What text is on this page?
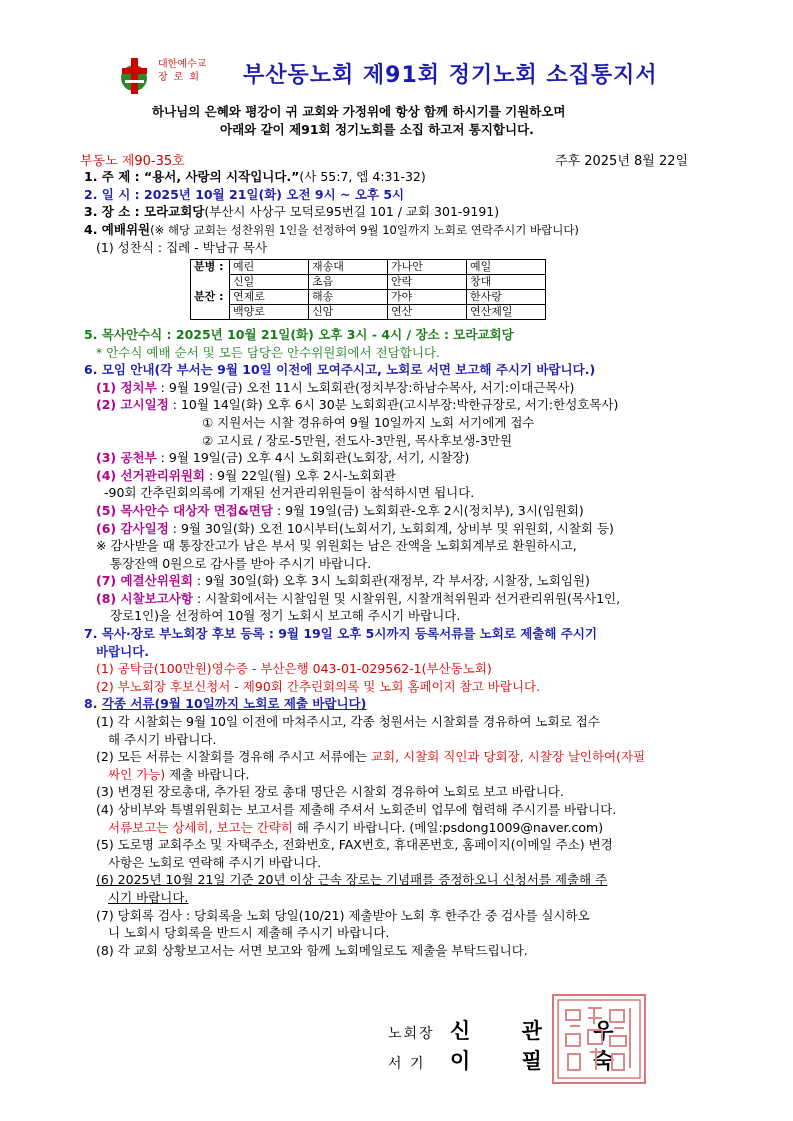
대한예수교
장로회 부산동노회 제91회 정기노회 소집통지서
하나님의 은혜와 평강이 귀 교회와 가정위에 항상 함께 하시기를 기원하오며
아래와 같이 제91회 정기노회를 소집 하고저 통지합니다.
부동노 제90-35호	주후 2025년 8월 22일
1. 주 제 : “용서, 사랑의 시작입니다.”(사 55:7, 엡 4:31-32)
2. 일 시 : 2025년 10월 21일(화) 오전 9시 ~ 오후 5시
3. 장 소 : 모라교회당(부산시 사상구 모덕로95번길 101 / 교회 301-9191)
4. 예배위원(※ 해당 교회는 성찬위원 1인을 선정하여 9월 10일까지 노회로 연락주시기 바랍니다)
(1) 성찬식 : 집례 - 박남규 목사
분병 :	예린	재송대	가나안	예일
	신일	초읍	안락	창대
분잔 :	연제로	해송	가야	한사랑
	백양로	신암	연산	연산제일
5. 목사안수식 : 2025년 10월 21일(화) 오후 3시 - 4시 / 장소 : 모라교회당
* 안수식 예배 순서 및 모든 담당은 안수위원회에서 전담합니다.
6. 모임 안내(각 부서는 9월 10일 이전에 모여주시고, 노회로 서면 보고해 주시기 바랍니다.)
(1) 정치부 : 9월 19일(금) 오전 11시 노회회관(정치부장:하남수목사, 서기:이대근목사)
(2) 고시일정 : 10월 14일(화) 오후 6시 30분 노회회관(고시부장:박한규장로, 서기:한성호목사)
① 지원서는 시찰 경유하여 9월 10일까지 노회 서기에게 접수
② 고시료 / 장로-5만원, 전도사-3만원, 목사후보생-3만원
(3) 공천부 : 9월 19일(금) 오후 4시 노회회관(노회장, 서기, 시찰장)
(4) 선거관리위원회 : 9월 22일(월) 오후 2시-노회회관
-90회 간추린회의록에 기재된 선거관리위원들이 참석하시면 됩니다.
(5) 목사안수 대상자 면접&면담 : 9월 19일(금) 노회회관-오후 2시(정치부), 3시(임원회)
(6) 감사일정 : 9월 30일(화) 오전 10시부터(노회서기, 노회회계, 상비부 및 위원회, 시찰회 등)
※ 감사받을 때 통장잔고가 남은 부서 및 위원회는 남은 잔액을 노회회계부로 환원하시고,
통장잔액 0원으로 감사를 받아 주시기 바랍니다.
(7) 예결산위원회 : 9월 30일(화) 오후 3시 노회회관(재정부, 각 부서장, 시찰장, 노회임원)
(8) 시찰보고사항 : 시찰회에서는 시찰임원 및 시찰위원, 시찰개척위원과 선거관리위원(목사1인,
장로1인)을 선정하여 10월 정기 노회시 보고해 주시기 바랍니다.
7. 목사·장로 부노회장 후보 등록 : 9월 19일 오후 5시까지 등록서류를 노회로 제출해 주시기
바랍니다.
(1) 공탁금(100만원)영수증 - 부산은행 043-01-029562-1(부산동노회)
(2) 부노회장 후보신청서 - 제90회 간추린회의록 및 노회 홈페이지 참고 바랍니다.
8. 각종 서류(9월 10일까지 노회로 제출 바랍니다)
(1) 각 시찰회는 9월 10일 이전에 마쳐주시고, 각종 청원서는 시찰회를 경유하여 노회로 접수
해 주시기 바랍니다.
(2) 모든 서류는 시찰회를 경유해 주시고 서류에는 교회, 시찰회 직인과 당회장, 시찰장 날인하여(자필
싸인 가능) 제출 바랍니다.
(3) 변경된 장로총대, 추가된 장로 총대 명단은 시찰회 경유하여 노회로 보고 바랍니다.
(4) 상비부와 특별위원회는 보고서를 제출해 주셔서 노회준비 업무에 협력해 주시기를 바랍니다.
서류보고는 상세히, 보고는 간략히 해 주시기 바랍니다. (메일:psdong1009@naver.com)
(5) 도로명 교회주소 및 자택주소, 전화번호, FAX번호, 휴대폰번호, 홈페이지(이메일 주소) 변경
사항은 노회로 연락해 주시기 바랍니다.
(6) 2025년 10월 21일 기준 20년 이상 근속 장로는 기념패를 증정하오니 신청서를 제출해 주
시기 바랍니다.
(7) 당회록 검사 : 당회록을 노회 당일(10/21) 제출받아 노회 후 한주간 중 검사를 실시하오
니 노회시 당회록을 반드시 제출해 주시기 바랍니다.
(8) 각 교회 상황보고서는 서면 보고와 함께 노회메일로도 제출을 부탁드립니다.
노회장 신 관 우
서 기 이 필 숙
